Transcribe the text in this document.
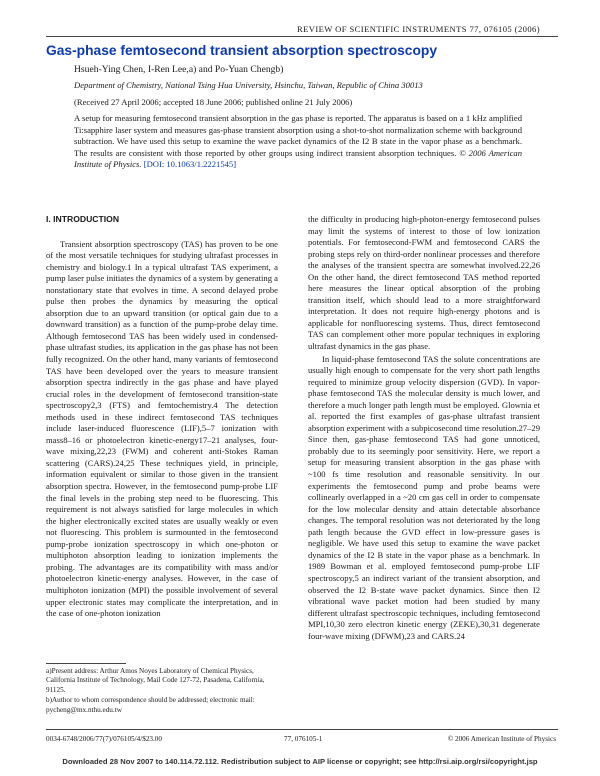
REVIEW OF SCIENTIFIC INSTRUMENTS 77, 076105 (2006)
Gas-phase femtosecond transient absorption spectroscopy
Hsueh-Ying Chen, I-Ren Lee,a) and Po-Yuan Chengb)
Department of Chemistry, National Tsing Hua University, Hsinchu, Taiwan, Republic of China 30013
(Received 27 April 2006; accepted 18 June 2006; published online 21 July 2006)
A setup for measuring femtosecond transient absorption in the gas phase is reported. The apparatus is based on a 1 kHz amplified Ti:sapphire laser system and measures gas-phase transient absorption using a shot-to-shot normalization scheme with background subtraction. We have used this setup to examine the wave packet dynamics of the I2 B state in the vapor phase as a benchmark. The results are consistent with those reported by other groups using indirect transient absorption techniques. © 2006 American Institute of Physics. [DOI: 10.1063/1.2221545]

I. INTRODUCTION

Transient absorption spectroscopy (TAS) has proven to be one of the most versatile techniques for studying ultrafast processes in chemistry and biology.1 In a typical ultrafast TAS experiment, a pump laser pulse initiates the dynamics of a system by generating a nonstationary state that evolves in time. A second delayed probe pulse then probes the dynamics by measuring the optical absorption due to an upward transition (or optical gain due to a downward transition) as a function of the pump-probe delay time. Although femtosecond TAS has been widely used in condensed-phase ultrafast studies, its application in the gas phase has not been fully recognized. On the other hand, many variants of femtosecond TAS have been developed over the years to measure transient absorption spectra indirectly in the gas phase and have played crucial roles in the development of femtosecond transition-state spectroscopy2,3 (FTS) and femtochemistry.4 The detection methods used in these indirect femtosecond TAS techniques include laser-induced fluorescence (LIF),5–7 ionization with mass8–16 or photoelectron kinetic-energy17–21 analyses, four-wave mixing,22,23 (FWM) and coherent anti-Stokes Raman scattering (CARS).24,25 These techniques yield, in principle, information equivalent or similar to those given in the transient absorption spectra. However, in the femtosecond pump-probe LIF the final levels in the probing step need to be fluorescing. This requirement is not always satisfied for large molecules in which the higher electronically excited states are usually weakly or even not fluorescing. This problem is surmounted in the femtosecond pump-probe ionization spectroscopy in which one-photon or multiphoton absorption leading to ionization implements the probing. The advantages are its compatibility with mass and/or photoelectron kinetic-energy analyses. However, in the case of multiphoton ionization (MPI) the possible involvement of several upper electronic states may complicate the interpretation, and in the case of one-photon ionization

the difficulty in producing high-photon-energy femtosecond pulses may limit the systems of interest to those of low ionization potentials. For femtosecond-FWM and femtosecond CARS the probing steps rely on third-order nonlinear processes and therefore the analyses of the transient spectra are somewhat involved.22,26 On the other hand, the direct femtosecond TAS method reported here measures the linear optical absorption of the probing transition itself, which should lead to a more straightforward interpretation. It does not require high-energy photons and is applicable for nonfluorescing systems. Thus, direct femtosecond TAS can complement other more popular techniques in exploring ultrafast dynamics in the gas phase.

In liquid-phase femtosecond TAS the solute concentrations are usually high enough to compensate for the very short path lengths required to minimize group velocity dispersion (GVD). In vapor-phase femtosecond TAS the molecular density is much lower, and therefore a much longer path length must be employed. Glownia et al. reported the first examples of gas-phase ultrafast transient absorption experiment with a subpicosecond time resolution.27–29 Since then, gas-phase femtosecond TAS had gone unnoticed, probably due to its seemingly poor sensitivity. Here, we report a setup for measuring transient absorption in the gas phase with ~100 fs time resolution and reasonable sensitivity. In our experiments the femtosecond pump and probe beams were collinearly overlapped in a ~20 cm gas cell in order to compensate for the low molecular density and attain detectable absorbance changes. The temporal resolution was not deteriorated by the long path length because the GVD effect in low-pressure gases is negligible. We have used this setup to examine the wave packet dynamics of the I2 B state in the vapor phase as a benchmark. In 1989 Bowman et al. employed femtosecond pump-probe LIF spectroscopy,5 an indirect variant of the transient absorption, and observed the I2 B-state wave packet dynamics. Since then I2 vibrational wave packet motion had been studied by many different ultrafast spectroscopic techniques, including femtosecond MPI,10,30 zero electron kinetic energy (ZEKE),30,31 degenerate four-wave mixing (DFWM),23 and CARS.24

a)Present address: Arthur Amos Noyes Laboratory of Chemical Physics, California Institute of Technology, Mail Code 127-72, Pasadena, California, 91125.
b)Author to whom correspondence should be addressed; electronic mail: pycheng@mx.nthu.edu.tw
0034-6748/2006/77(7)/076105/4/$23.00	77, 076105-1	© 2006 American Institute of Physics
Downloaded 28 Nov 2007 to 140.114.72.112. Redistribution subject to AIP license or copyright; see http://rsi.aip.org/rsi/copyright.jsp
